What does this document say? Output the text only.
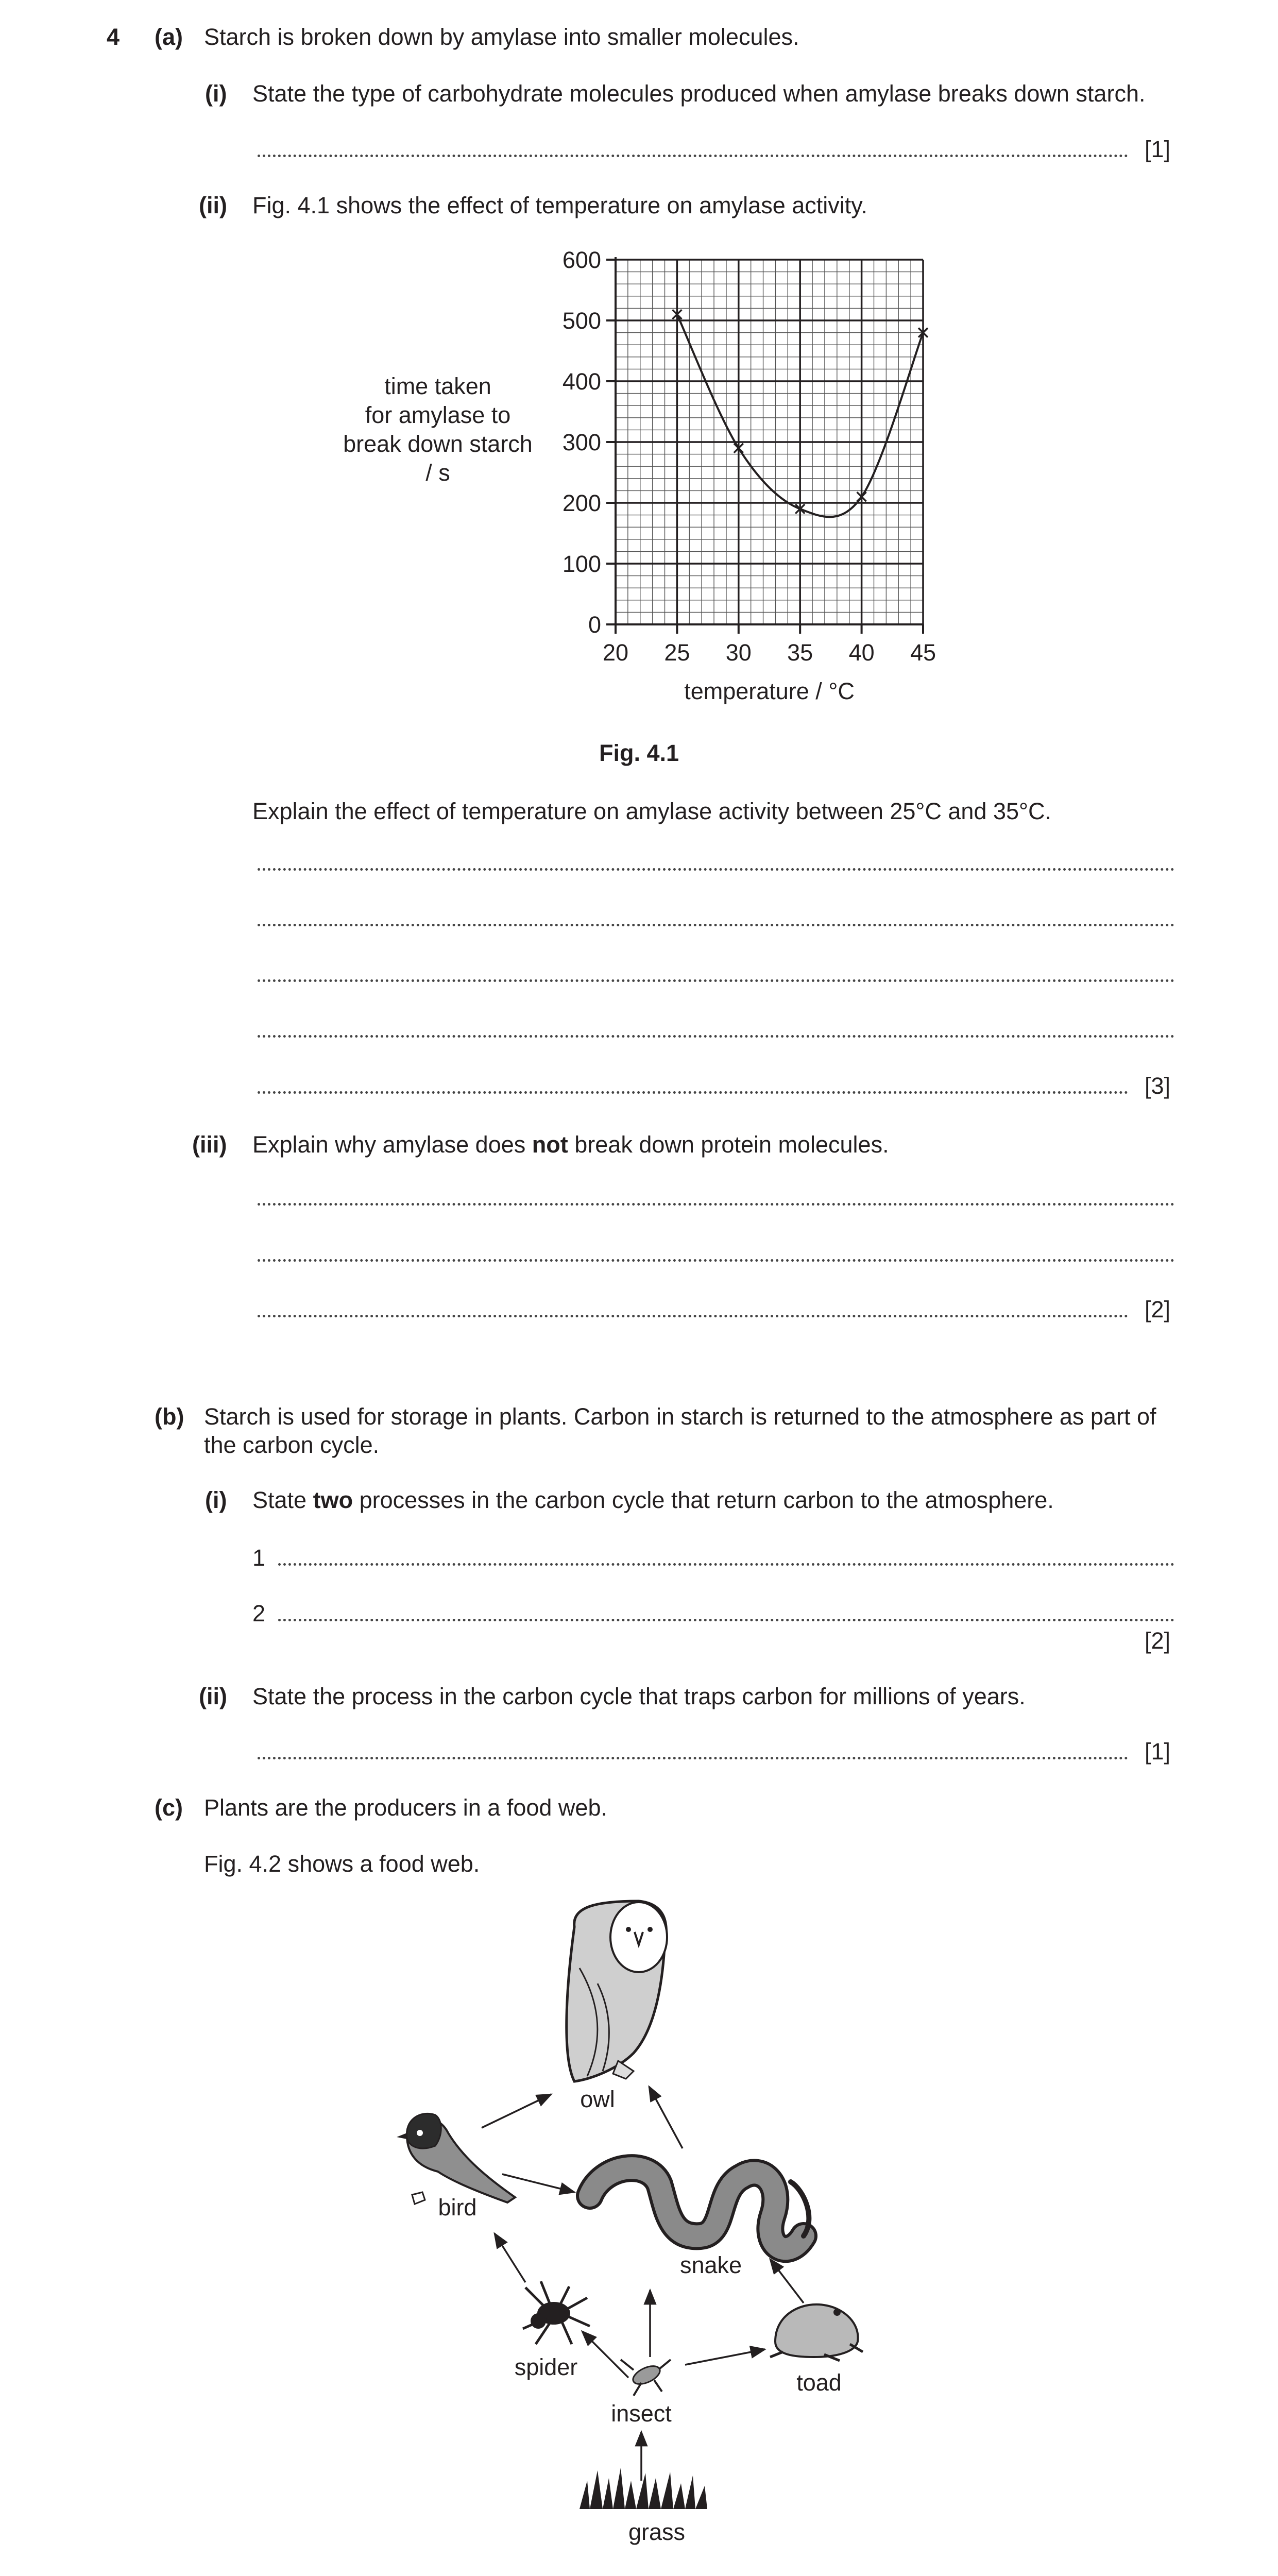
4 (a) Starch is broken down by amylase into smaller molecules.
(i) State the type of carbohydrate molecules produced when amylase breaks down starch.
[1]
(ii) Fig. 4.1 shows the effect of temperature on amylase activity.
time taken
for amylase to
break down starch
/ s
20 25 30 35 40 45
0
100
200
300
400
500
600
temperature / °C
Fig. 4.1
Explain the effect of temperature on amylase activity between 25°C and 35°C.
[3]
(iii) Explain why amylase does not break down protein molecules.
[2]
(b) Starch is used for storage in plants. Carbon in starch is returned to the atmosphere as part of
the carbon cycle.
(i) State two processes in the carbon cycle that return carbon to the atmosphere.
1
2
[2]
(ii) State the process in the carbon cycle that traps carbon for millions of years.
[1]
(c) Plants are the producers in a food web.
Fig. 4.2 shows a food web.
owl
bird
snake
spider
toad
insect
grass
